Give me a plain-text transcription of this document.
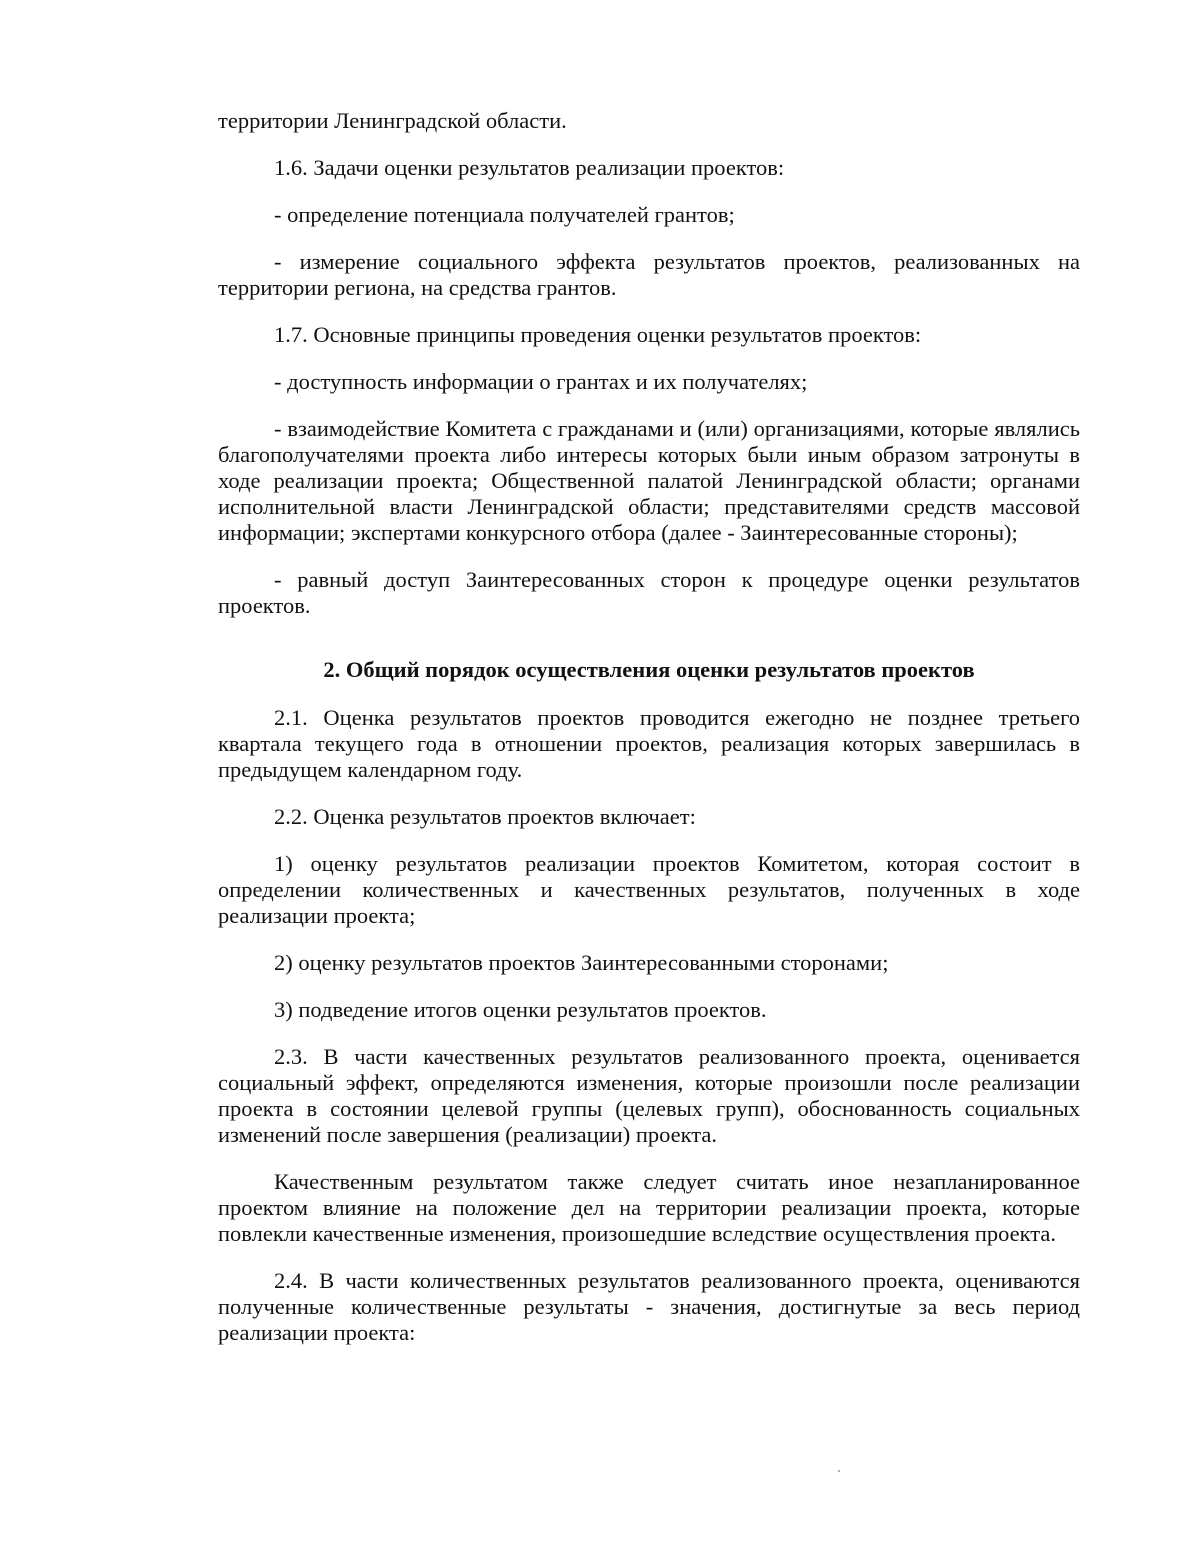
территории Ленинградской области.

1.6. Задачи оценки результатов реализации проектов:

- определение потенциала получателей грантов;

- измерение социального эффекта результатов проектов, реализованных на территории региона, на средства грантов.

1.7. Основные принципы проведения оценки результатов проектов:

- доступность информации о грантах и их получателях;

- взаимодействие Комитета с гражданами и (или) организациями, которые являлись благополучателями проекта либо интересы которых были иным образом затронуты в ходе реализации проекта; Общественной палатой Ленинградской области; органами исполнительной власти Ленинградской области; представителями средств массовой информации; экспертами конкурсного отбора (далее - Заинтересованные стороны);

- равный доступ Заинтересованных сторон к процедуре оценки результатов проектов.

2. Общий порядок осуществления оценки результатов проектов

2.1. Оценка результатов проектов проводится ежегодно не позднее третьего квартала текущего года в отношении проектов, реализация которых завершилась в предыдущем календарном году.

2.2. Оценка результатов проектов включает:

1) оценку результатов реализации проектов Комитетом, которая состоит в определении количественных и качественных результатов, полученных в ходе реализации проекта;

2) оценку результатов проектов Заинтересованными сторонами;

3) подведение итогов оценки результатов проектов.

2.3. В части качественных результатов реализованного проекта, оценивается социальный эффект, определяются изменения, которые произошли после реализации проекта в состоянии целевой группы (целевых групп), обоснованность социальных изменений после завершения (реализации) проекта.

Качественным результатом также следует считать иное незапланированное проектом влияние на положение дел на территории реализации проекта, которые повлекли качественные изменения, произошедшие вследствие осуществления проекта.

2.4. В части количественных результатов реализованного проекта, оцениваются полученные количественные результаты - значения, достигнутые за весь период реализации проекта:
